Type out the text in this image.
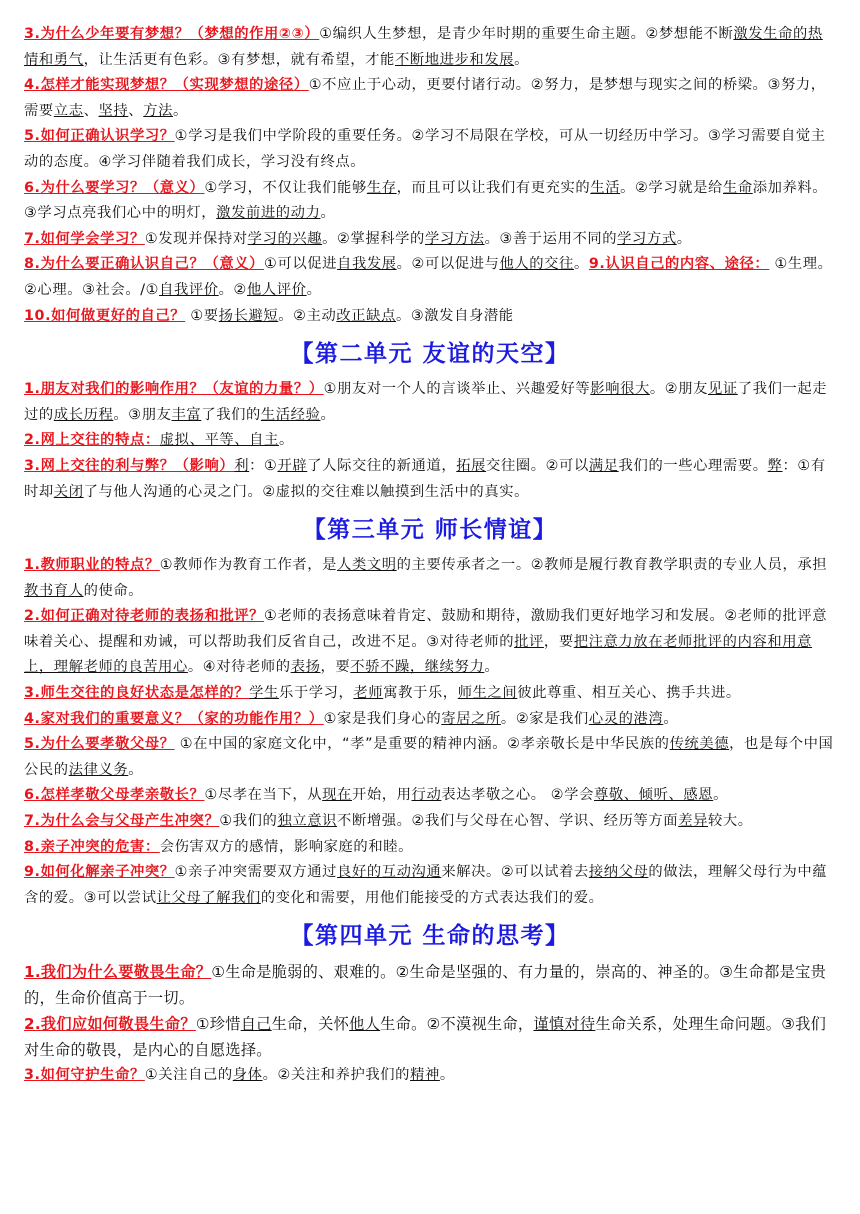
3.为什么少年要有梦想？（梦想的作用②③）①编织人生梦想，是青少年时期的重要生命主题。②梦想能不断激发生命的热情和勇气，让生活更有色彩。③有梦想，就有希望，才能不断地进步和发展。

4.怎样才能实现梦想？（实现梦想的途径）①不应止于心动，更要付诸行动。②努力，是梦想与现实之间的桥梁。③努力，需要立志、坚持、方法。

5.如何正确认识学习？①学习是我们中学阶段的重要任务。②学习不局限在学校，可从一切经历中学习。③学习需要自觉主动的态度。④学习伴随着我们成长，学习没有终点。

6.为什么要学习？（意义）①学习，不仅让我们能够生存，而且可以让我们有更充实的生活。②学习就是给生命添加养料。③学习点亮我们心中的明灯，激发前进的动力。

7.如何学会学习？①发现并保持对学习的兴趣。②掌握科学的学习方法。③善于运用不同的学习方式。

8.为什么要正确认识自己？（意义）①可以促进自我发展。②可以促进与他人的交往。9.认识自己的内容、途径： ①生理。②心理。③社会。/①自我评价。②他人评价。

10.如何做更好的自己？ ①要扬长避短。②主动改正缺点。③激发自身潜能

【第二单元 友谊的天空】

1.朋友对我们的影响作用？（友谊的力量？）①朋友对一个人的言谈举止、兴趣爱好等影响很大。②朋友见证了我们一起走过的成长历程。③朋友丰富了我们的生活经验。

2.网上交往的特点：虚拟、平等、自主。

3.网上交往的利与弊？（影响）利：①开辟了人际交往的新通道，拓展交往圈。②可以满足我们的一些心理需要。弊：①有时却关闭了与他人沟通的心灵之门。②虚拟的交往难以触摸到生活中的真实。

【第三单元 师长情谊】

1.教师职业的特点？①教师作为教育工作者，是人类文明的主要传承者之一。②教师是履行教育教学职责的专业人员，承担教书育人的使命。

2.如何正确对待老师的表扬和批评？①老师的表扬意味着肯定、鼓励和期待，激励我们更好地学习和发展。②老师的批评意味着关心、提醒和劝诫，可以帮助我们反省自己，改进不足。③对待老师的批评，要把注意力放在老师批评的内容和用意上，理解老师的良苦用心。④对待老师的表扬，要不骄不躁，继续努力。

3.师生交往的良好状态是怎样的？学生乐于学习，老师寓教于乐，师生之间彼此尊重、相互关心、携手共进。

4.家对我们的重要意义？（家的功能作用？）①家是我们身心的寄居之所。②家是我们心灵的港湾。

5.为什么要孝敬父母？ ①在中国的家庭文化中，“孝”是重要的精神内涵。②孝亲敬长是中华民族的传统美德，也是每个中国公民的法律义务。

6.怎样孝敬父母孝亲敬长？①尽孝在当下，从现在开始，用行动表达孝敬之心。 ②学会尊敬、倾听、感恩。

7.为什么会与父母产生冲突？①我们的独立意识不断增强。②我们与父母在心智、学识、经历等方面差异较大。

8.亲子冲突的危害：会伤害双方的感情，影响家庭的和睦。

9.如何化解亲子冲突？①亲子冲突需要双方通过良好的互动沟通来解决。②可以试着去接纳父母的做法，理解父母行为中蕴含的爱。③可以尝试让父母了解我们的变化和需要，用他们能接受的方式表达我们的爱。

【第四单元 生命的思考】

1.我们为什么要敬畏生命？①生命是脆弱的、艰难的。②生命是坚强的、有力量的，崇高的、神圣的。③生命都是宝贵的，生命价值高于一切。

2.我们应如何敬畏生命？①珍惜自己生命，关怀他人生命。②不漠视生命，谨慎对待生命关系，处理生命问题。③我们对生命的敬畏，是内心的自愿选择。

3.如何守护生命？①关注自己的身体。②关注和养护我们的精神。
